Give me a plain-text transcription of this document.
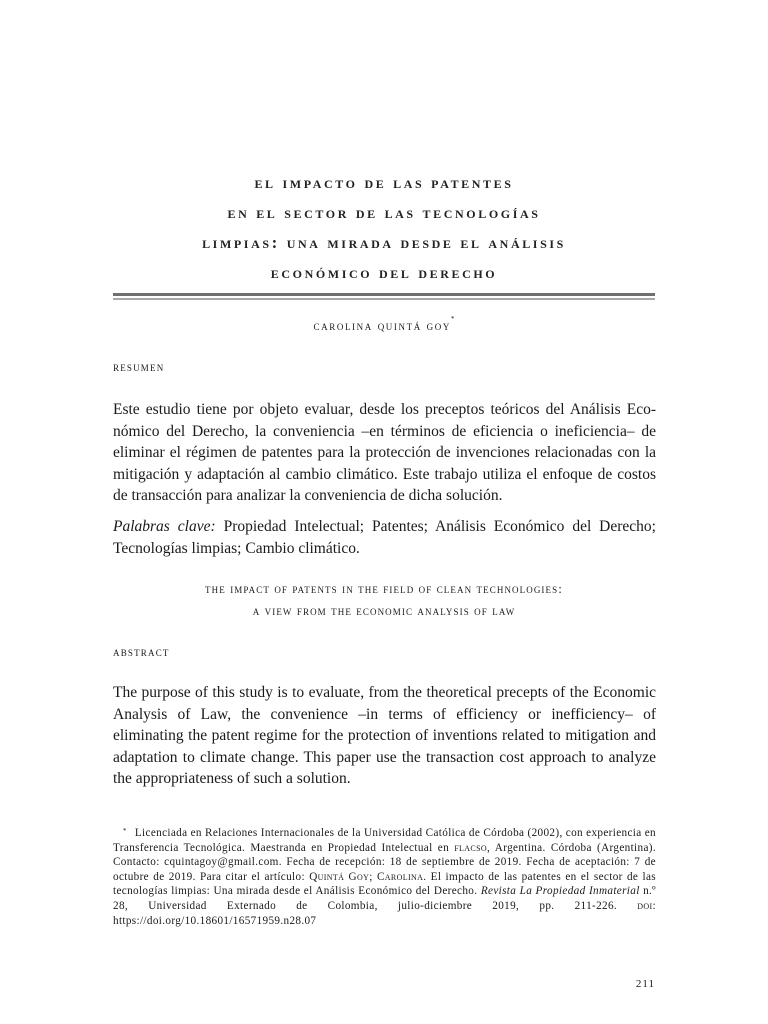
el impacto de las patentes
en el sector de las tecnologías
limpias: una mirada desde el análisis
económico del derecho
carolina quintá goy*
resumen
Este estudio tiene por objeto evaluar, desde los preceptos teóricos del Análisis Económico del Derecho, la conveniencia –en términos de eficiencia o ineficiencia– de eliminar el régimen de patentes para la protección de invenciones relacionadas con la mitigación y adaptación al cambio climático. Este trabajo utiliza el enfoque de costos de transacción para analizar la conveniencia de dicha solución.
Palabras clave: Propiedad Intelectual; Patentes; Análisis Económico del Derecho; Tecnologías limpias; Cambio climático.
the impact of patents in the field of clean technologies:
a view from the economic analysis of law
abstract
The purpose of this study is to evaluate, from the theoretical precepts of the Economic Analysis of Law, the convenience –in terms of efficiency or inefficiency– of eliminating the patent regime for the protection of inventions related to mitigation and adaptation to climate change. This paper use the transaction cost approach to analyze the appropriateness of such a solution.
* Licenciada en Relaciones Internacionales de la Universidad Católica de Córdoba (2002), con experiencia en Transferencia Tecnológica. Maestranda en Propiedad Intelectual en flacso, Argentina. Córdoba (Argentina). Contacto: cquintagoy@gmail.com. Fecha de recepción: 18 de septiembre de 2019. Fecha de aceptación: 7 de octubre de 2019. Para citar el artículo: Quintá Goy; Carolina. El impacto de las patentes en el sector de las tecnologías limpias: Una mirada desde el Análisis Económico del Derecho. Revista La Propiedad Inmaterial n.º 28, Universidad Externado de Colombia, julio-diciembre 2019, pp. 211-226. doi: https://doi.org/10.18601/16571959.n28.07
211
